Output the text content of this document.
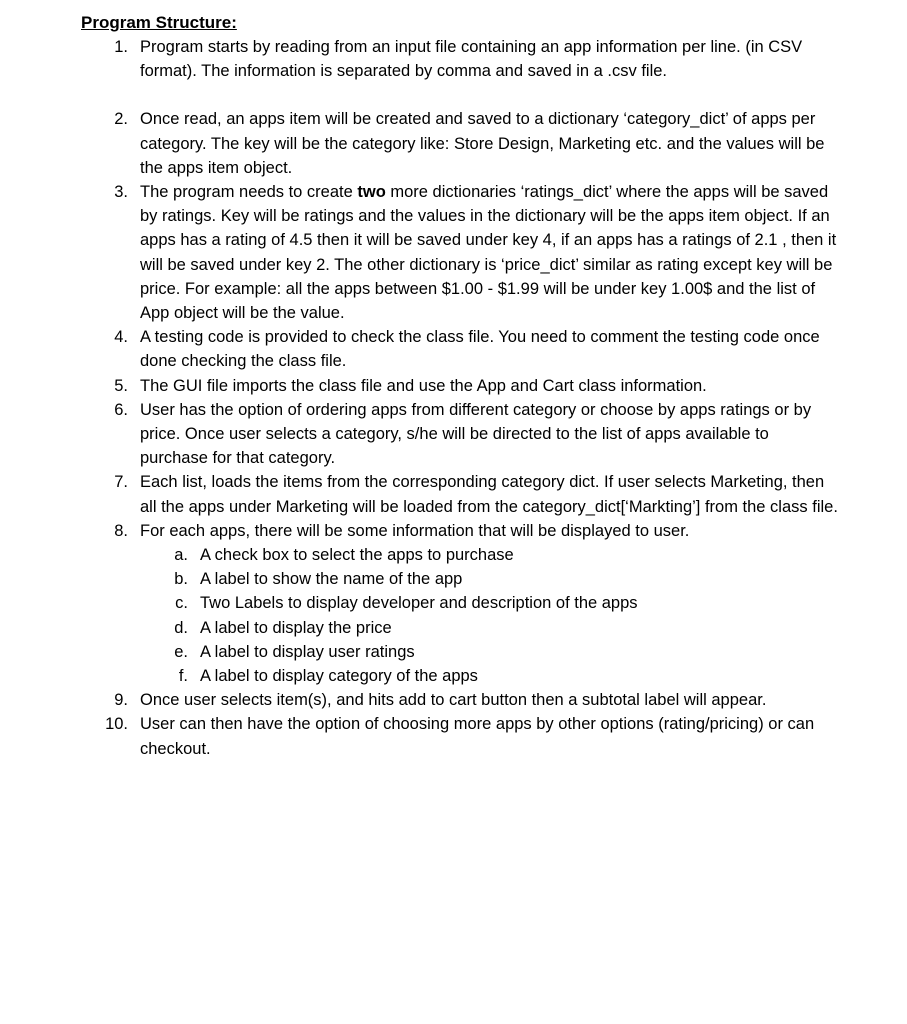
Program Structure:

1. Program starts by reading from an input file containing an app information per line. (in CSV format). The information is separated by comma and saved in a .csv file.
2. Once read, an apps item will be created and saved to a dictionary ‘category_dict’ of apps per category. The key will be the category like: Store Design, Marketing etc. and the values will be the apps item object.
3. The program needs to create two more dictionaries ‘ratings_dict’ where the apps will be saved by ratings. Key will be ratings and the values in the dictionary will be the apps item object. If an apps has a rating of 4.5 then it will be saved under key 4, if an apps has a ratings of 2.1 , then it will be saved under key 2. The other dictionary is ‘price_dict’ similar as rating except key will be price. For example: all the apps between $1.00 - $1.99 will be under key 1.00$ and the list of App object will be the value.
4. A testing code is provided to check the class file. You need to comment the testing code once done checking the class file.
5. The GUI file imports the class file and use the App and Cart class information.
6. User has the option of ordering apps from different category or choose by apps ratings or by price. Once user selects a category, s/he will be directed to the list of apps available to purchase for that category.
7. Each list, loads the items from the corresponding category dict. If user selects Marketing, then all the apps under Marketing will be loaded from the category_dict[‘Markting’] from the class file.
8. For each apps, there will be some information that will be displayed to user.
a. A check box to select the apps to purchase
b. A label to show the name of the app
c. Two Labels to display developer and description of the apps
d. A label to display the price
e. A label to display user ratings
f. A label to display category of the apps
9. Once user selects item(s), and hits add to cart button then a subtotal label will appear.
10. User can then have the option of choosing more apps by other options (rating/pricing) or can checkout.
